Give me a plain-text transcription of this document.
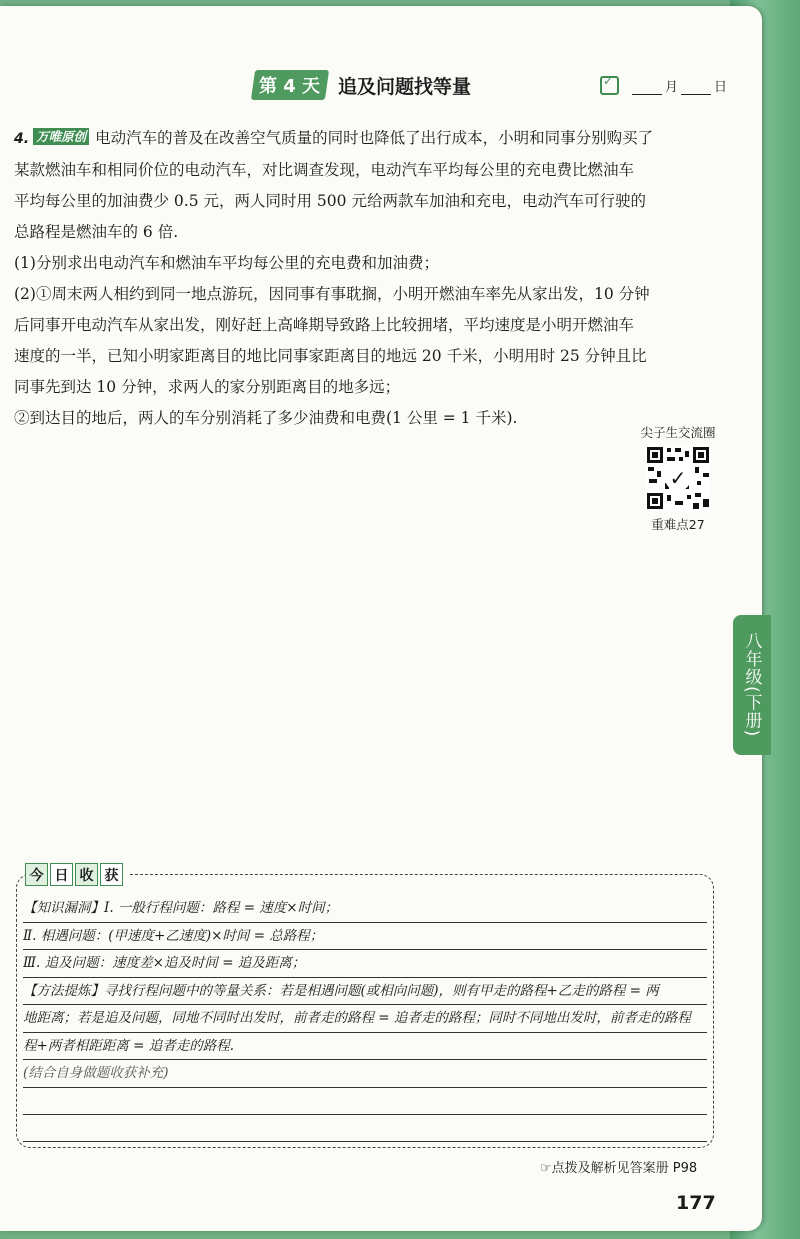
第 4 天 追及问题找等量
✓	月	日

4. 万唯原创 电动汽车的普及在改善空气质量的同时也降低了出行成本，小明和同事分别购买了

某款燃油车和相同价位的电动汽车，对比调查发现，电动汽车平均每公里的充电费比燃油车

平均每公里的加油费少 0.5 元，两人同时用 500 元给两款车加油和充电，电动汽车可行驶的

总路程是燃油车的 6 倍.

(1)分别求出电动汽车和燃油车平均每公里的充电费和加油费；

(2)①周末两人相约到同一地点游玩，因同事有事耽搁，小明开燃油车率先从家出发，10 分钟

后同事开电动汽车从家出发，刚好赶上高峰期导致路上比较拥堵，平均速度是小明开燃油车

速度的一半，已知小明家距离目的地比同事家距离目的地远 20 千米，小明用时 25 分钟且比

同事先到达 10 分钟，求两人的家分别距离目的地多远；

②到达目的地后，两人的车分别消耗了多少油费和电费(1 公里 = 1 千米).

尖子生交流圈
✓
重难点27
今 日 收 获
【知识漏洞】Ⅰ. 一般行程问题：路程 = 速度×时间；
Ⅱ. 相遇问题：(甲速度+乙速度)×时间 = 总路程；
Ⅲ. 追及问题：速度差×追及时间 = 追及距离；
【方法提炼】寻找行程问题中的等量关系：若是相遇问题(或相向问题)，则有甲走的路程+乙走的路程 = 两
地距离；若是追及问题，同地不同时出发时，前者走的路程 = 追者走的路程；同时不同地出发时，前者走的路程
程+两者相距距离 = 追者走的路程.
(结合自身做题收获补充)
☞点拨及解析见答案册 P98
177
八年级(下册)
